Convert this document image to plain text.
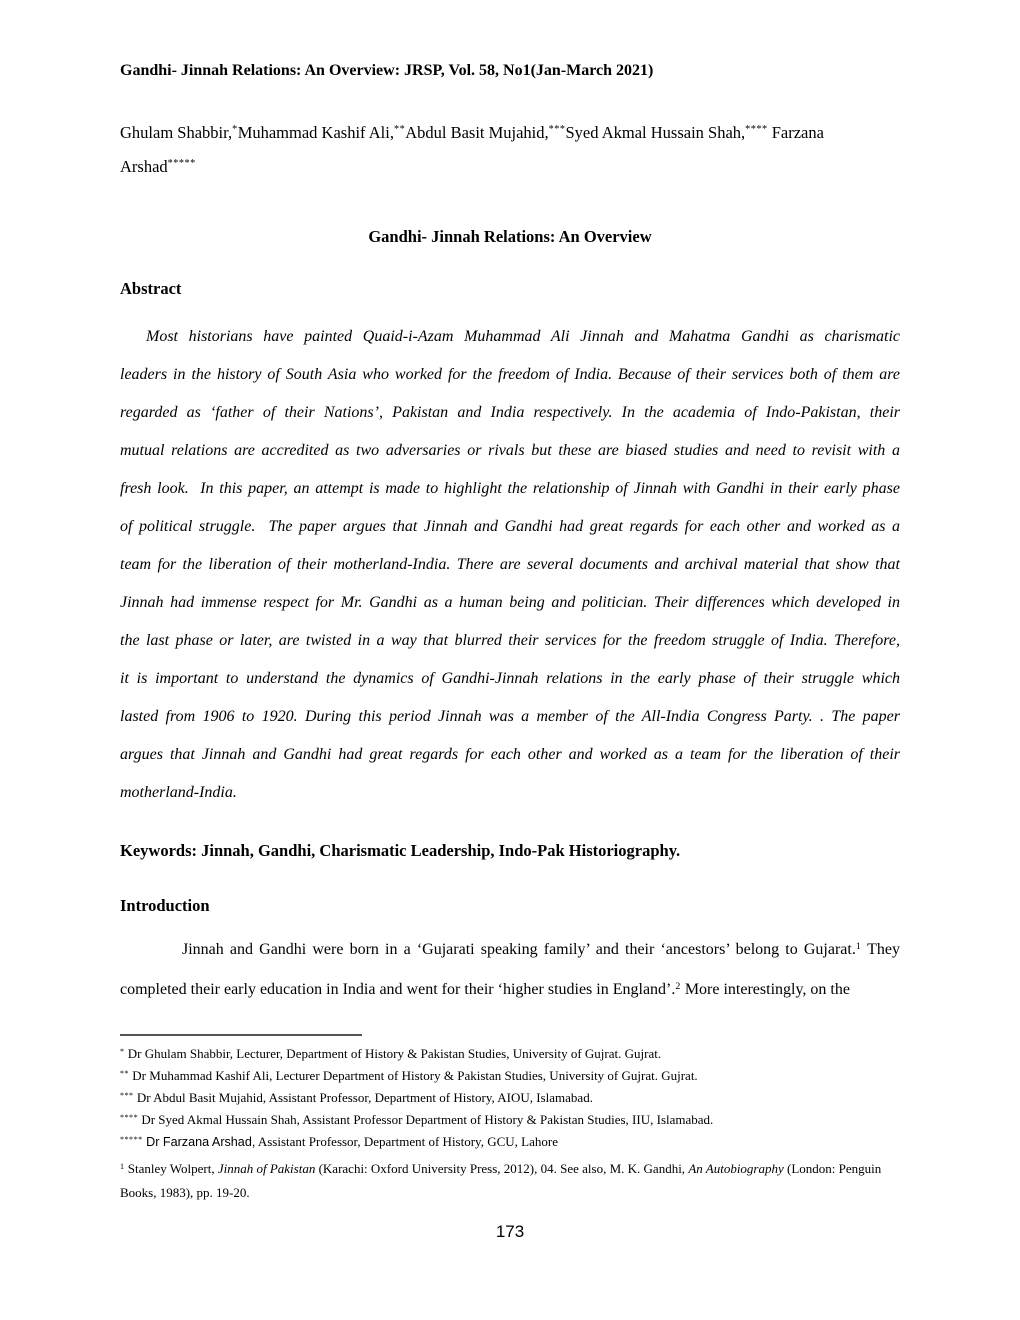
Gandhi- Jinnah Relations: An Overview: JRSP, Vol. 58, No1(Jan-March 2021)
Ghulam Shabbir,*Muhammad Kashif Ali,**Abdul Basit Mujahid,***Syed Akmal Hussain Shah,**** Farzana
Arshad*****
Gandhi- Jinnah Relations: An Overview
Abstract
Most historians have painted Quaid-i-Azam Muhammad Ali Jinnah and Mahatma Gandhi as charismatic
leaders in the history of South Asia who worked for the freedom of India. Because of their services both of them are
regarded as ‘father of their Nations’, Pakistan and India respectively. In the academia of Indo-Pakistan, their
mutual relations are accredited as two adversaries or rivals but these are biased studies and need to revisit with a
fresh look.  In this paper, an attempt is made to highlight the relationship of Jinnah with Gandhi in their early phase
of political struggle.  The paper argues that Jinnah and Gandhi had great regards for each other and worked as a
team for the liberation of their motherland-India. There are several documents and archival material that show that
Jinnah had immense respect for Mr. Gandhi as a human being and politician. Their differences which developed in
the last phase or later, are twisted in a way that blurred their services for the freedom struggle of India. Therefore,
it is important to understand the dynamics of Gandhi-Jinnah relations in the early phase of their struggle which
lasted from 1906 to 1920. During this period Jinnah was a member of the All-India Congress Party. . The paper
argues that Jinnah and Gandhi had great regards for each other and worked as a team for the liberation of their
motherland-India.
Keywords: Jinnah, Gandhi, Charismatic Leadership, Indo-Pak Historiography.
Introduction
Jinnah and Gandhi were born in a ‘Gujarati speaking family’ and their ‘ancestors’ belong to Gujarat.$^1$ They
completed their early education in India and went for their ‘higher studies in England’.$^2$ More interestingly, on the
* Dr Ghulam Shabbir, Lecturer, Department of History & Pakistan Studies, University of Gujrat. Gujrat.
** Dr Muhammad Kashif Ali, Lecturer Department of History & Pakistan Studies, University of Gujrat. Gujrat.
*** Dr Abdul Basit Mujahid, Assistant Professor, Department of History, AIOU, Islamabad.
**** Dr Syed Akmal Hussain Shah, Assistant Professor Department of History & Pakistan Studies, IIU, Islamabad.
***** Dr Farzana Arshad, Assistant Professor, Department of History, GCU, Lahore
$^1$ Stanley Wolpert, Jinnah of Pakistan (Karachi: Oxford University Press, 2012), 04. See also, M. K. Gandhi, An Autobiography (London: Penguin Books, 1983), pp. 19-20.
173
